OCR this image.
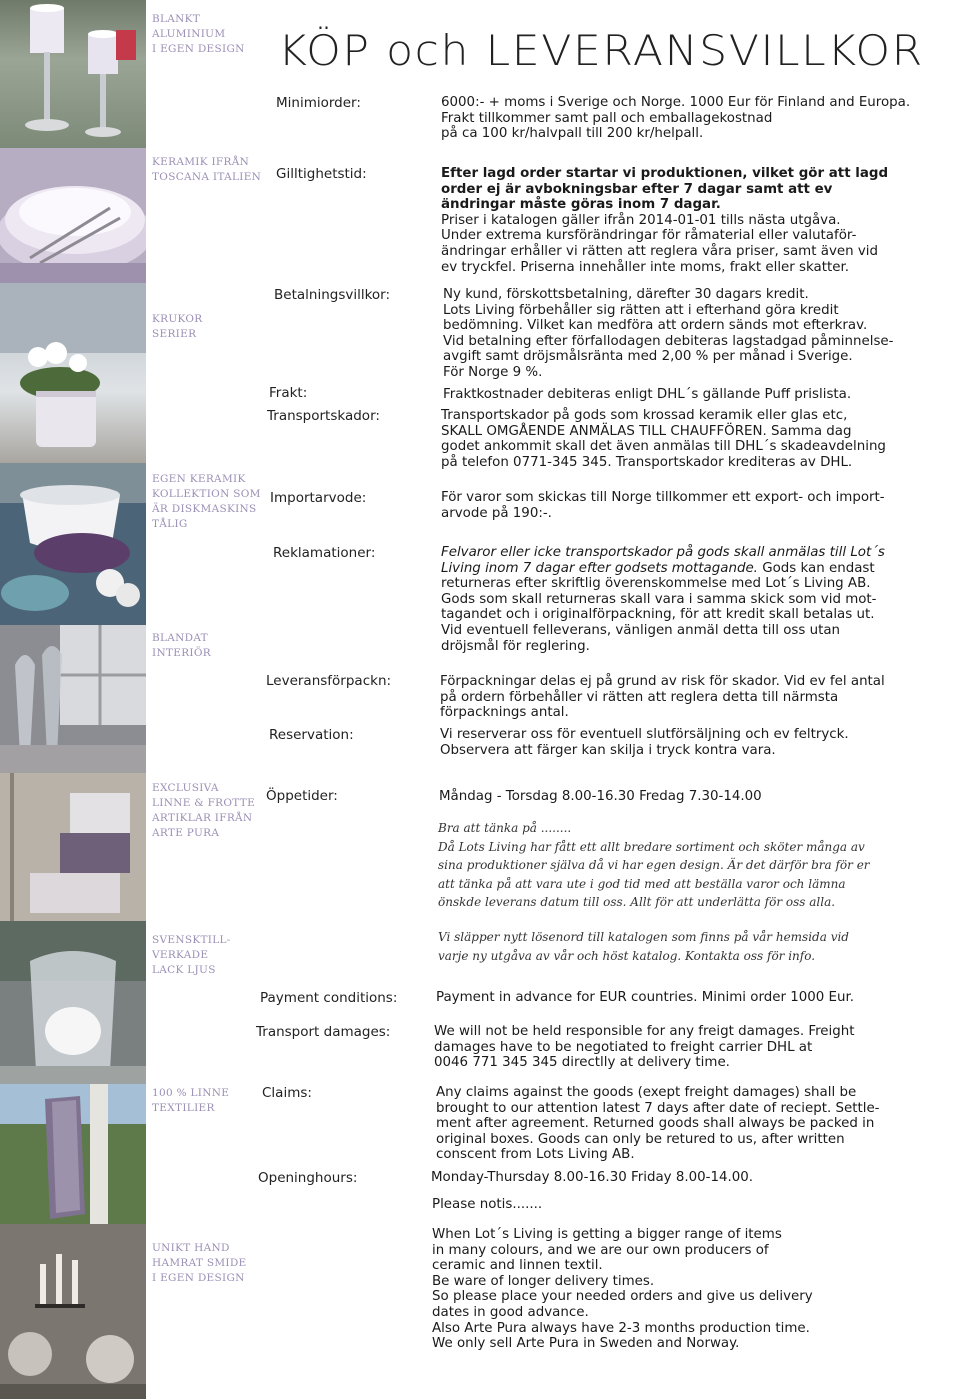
BLANKT
ALUMINIUM
I EGEN DESIGN
KERAMIK IFRÅN
TOSCANA ITALIEN
KRUKOR
SERIER
EGEN KERAMIK
KOLLEKTION SOM
ÄR DISKMASKINS
TÅLIG
BLANDAT
INTERIÖR
EXCLUSIVA
LINNE & FROTTE
ARTIKLAR IFRÅN
ARTE PURA
SVENSKTILL-
VERKADE
LACK LJUS
100 % LINNE
TEXTILIER
UNIKT HAND
HAMRAT SMIDE
I EGEN DESIGN
KÖP och LEVERANSVILLKOR
Minimiorder:	6000:- + moms i Sverige och Norge. 1000 Eur för Finland and Europa.
Frakt tillkommer samt pall och emballagekostnad
på ca 100 kr/halvpall till 200 kr/helpall.
Gilltighetstid:	Efter lagd order startar vi produktionen, vilket gör att lagd
order ej är avbokningsbar efter 7 dagar samt att ev
ändringar måste göras inom 7 dagar.
Priser i katalogen gäller ifrån 2014-01-01 tills nästa utgåva.
Under extrema kursförändringar för råmaterial eller valutaför-
ändringar erhåller vi rätten att reglera våra priser, samt även vid
ev tryckfel. Priserna innehåller inte moms, frakt eller skatter.
Betalningsvillkor:	Ny kund, förskottsbetalning, därefter 30 dagars kredit.
Lots Living förbehåller sig rätten att i efterhand göra kredit
bedömning. Vilket kan medföra att ordern sänds mot efterkrav.
Vid betalning efter förfallodagen debiteras lagstadgad påminnelse-
avgift samt dröjsmålsränta med 2,00 % per månad i Sverige.
För Norge 9 %.
Frakt:	Fraktkostnader debiteras enligt DHL´s gällande Puff prislista.
Transportskador:	Transportskador på gods som krossad keramik eller glas etc,
SKALL OMGÅENDE ANMÄLAS TILL CHAUFFÖREN. Samma dag
godet ankommit skall det även anmälas till DHL´s skadeavdelning
på telefon 0771-345 345. Transportskador krediteras av DHL.
Importarvode:	För varor som skickas till Norge tillkommer ett export- och import-
arvode på 190:-.
Reklamationer:	Felvaror eller icke transportskador på gods skall anmälas till Lot´s
Living inom 7 dagar efter godsets mottagande. Gods kan endast
returneras efter skriftlig överenskommelse med Lot´s Living AB.
Gods som skall returneras skall vara i samma skick som vid mot-
tagandet och i originalförpackning, för att kredit skall betalas ut.
Vid eventuell felleverans, vänligen anmäl detta till oss utan
dröjsmål för reglering.
Leveransförpackn:	Förpackningar delas ej på grund av risk för skador. Vid ev fel antal
på ordern förbehåller vi rätten att reglera detta till närmsta
förpacknings antal.
Reservation:	Vi reserverar oss för eventuell slutförsäljning och ev feltryck.
Observera att färger kan skilja i tryck kontra vara.
Öppetider:	Måndag - Torsdag 8.00-16.30 Fredag 7.30-14.00
Bra att tänka på ........
Då Lots Living har fått ett allt bredare sortiment och sköter många av
sina produktioner själva då vi har egen design. Är det därför bra för er
att tänka på att vara ute i god tid med att beställa varor och lämna
önskde leverans datum till oss. Allt för att underlätta för oss alla.
Vi släpper nytt lösenord till katalogen som finns på vår hemsida vid
varje ny utgåva av vår och höst katalog. Kontakta oss för info.
Payment conditions:	Payment in advance for EUR countries. Minimi order 1000 Eur.
Transport damages:	We will not be held responsible for any freigt damages. Freight
damages have to be negotiated to freight carrier DHL at
0046 771 345 345 directlly at delivery time.
Claims:	Any claims against the goods (exept freight damages) shall be
brought to our attention latest 7 days after date of reciept. Settle-
ment after agreement. Returned goods shall always be packed in
original boxes. Goods can only be retured to us, after written
conscent from Lots Living AB.
Openinghours:	Monday-Thursday 8.00-16.30 Friday 8.00-14.00.
Please notis.......
When Lot´s Living is getting a bigger range of items
in many colours, and we are our own producers of
ceramic and linnen textil.
Be ware of longer delivery times.
So please place your needed orders and give us delivery
dates in good advance.
Also Arte Pura always have 2-3 months production time.
We only sell Arte Pura in Sweden and Norway.
